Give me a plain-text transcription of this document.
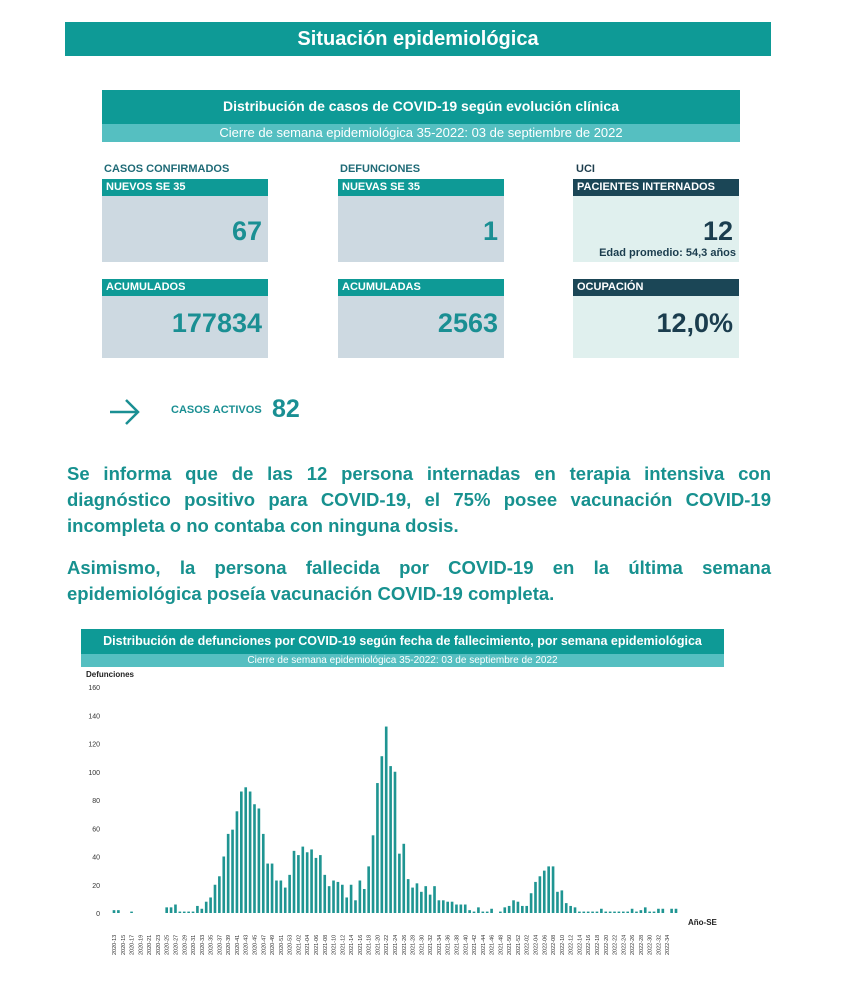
Situación epidemiológica
Distribución de casos de COVID-19 según evolución clínica
Cierre de semana epidemiológica 35-2022: 03 de septiembre de 2022
CASOS CONFIRMADOS	DEFUNCIONES	UCI
NUEVOS SE 35
67
NUEVAS SE 35
1
PACIENTES INTERNADOS
12
Edad promedio: 54,3 años
ACUMULADOS
177834
ACUMULADAS
2563
OCUPACIÓN
12,0%
CASOS ACTIVOS 82
Se informa que de las 12 persona internadas en terapia intensiva con diagnóstico positivo para COVID-19, el 75% posee vacunación COVID-19 incompleta o no contaba con ninguna dosis.
Asimismo, la persona fallecida por COVID-19 en la última semana epidemiológica poseía vacunación COVID-19 completa.
Distribución de defunciones por COVID-19 según fecha de fallecimiento, por semana epidemiológica
Cierre de semana epidemiológica 35-2022: 03 de septiembre de 2022
Defunciones
Año-SE
0
20
40
60
80
100
120
140
160
2020-13 2020-15 2020-17 2020-19 2020-21 2020-23 2020-25 2020-27 2020-29 2020-31 2020-33 2020-35 2020-37 2020-39 2020-41 2020-43 2020-45 2020-47 2020-49 2020-51 2020-53 2021-02 2021-04 2021-06 2021-08 2021-10 2021-12 2021-14 2021-16 2021-18 2021-20 2021-22 2021-24 2021-26 2021-28 2021-30 2021-32 2021-34 2021-36 2021-38 2021-40 2021-42 2021-44 2021-46 2021-48 2021-50 2021-52 2022-02 2022-04 2022-06 2022-08 2022-10 2022-12 2022-14 2022-16 2022-18 2022-20 2022-22 2022-24 2022-26 2022-28 2022-30 2022-32 2022-34
